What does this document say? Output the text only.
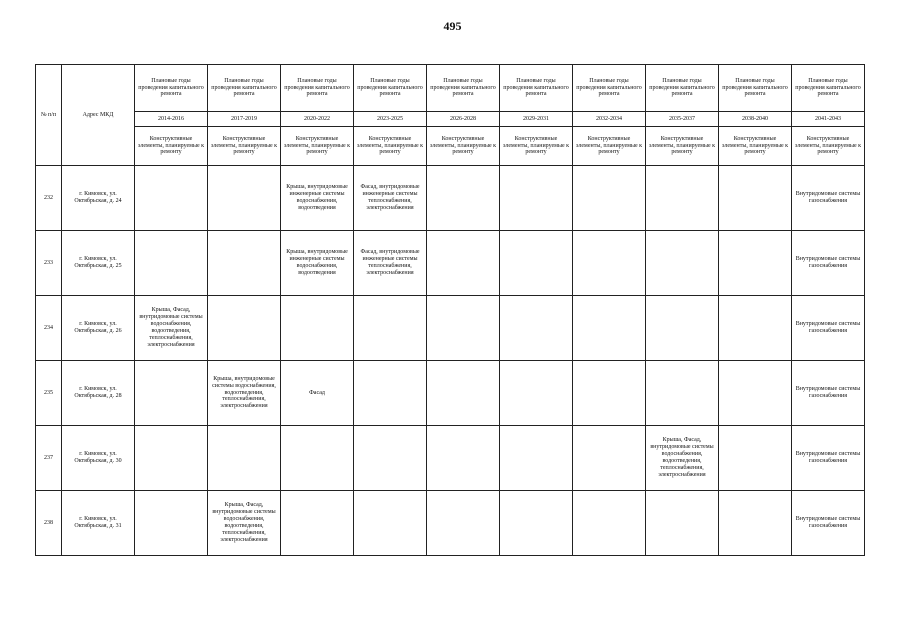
495
№ п/п	Адрес МКД	Плановые годы проведения капитального ремонта	Плановые годы проведения капитального ремонта	Плановые годы проведения капитального ремонта	Плановые годы проведения капитального ремонта	Плановые годы проведения капитального ремонта	Плановые годы проведения капитального ремонта	Плановые годы проведения капитального ремонта	Плановые годы проведения капитального ремонта	Плановые годы проведения капитального ремонта	Плановые годы проведения капитального ремонта
		2014-2016	2017-2019	2020-2022	2023-2025	2026-2028	2029-2031	2032-2034	2035-2037	2038-2040	2041-2043
		Конструктивные элементы, планируемые к ремонту	Конструктивные элементы, планируемые к ремонту	Конструктивные элементы, планируемые к ремонту	Конструктивные элементы, планируемые к ремонту	Конструктивные элементы, планируемые к ремонту	Конструктивные элементы, планируемые к ремонту	Конструктивные элементы, планируемые к ремонту	Конструктивные элементы, планируемые к ремонту	Конструктивные элементы, планируемые к ремонту	Конструктивные элементы, планируемые к ремонту
232	г. Кимовск, ул. Октябрьская, д. 24			Крыша, внутридомовые инженерные системы водоснабжения, водоотведения	Фасад, внутридомовые инженерные системы теплоснабжения, электроснабжения						Внутридомовые системы газоснабжения
233	г. Кимовск, ул. Октябрьская, д. 25			Крыша, внутридомовые инженерные системы водоснабжения, водоотведения	Фасад, внутридомовые инженерные системы теплоснабжения, электроснабжения						Внутридомовые системы газоснабжения
234	г. Кимовск, ул. Октябрьская, д. 26	Крыша, Фасад, внутридомовые системы водоснабжения, водоотведения, теплоснабжения, электроснабжения									Внутридомовые системы газоснабжения
235	г. Кимовск, ул. Октябрьская, д. 28		Крыша, внутридомовые системы водоснабжения, водоотведения, теплоснабжения, электроснабжения	Фасад							Внутридомовые системы газоснабжения
237	г. Кимовск, ул. Октябрьская, д. 30								Крыша, Фасад, внутридомовые системы водоснабжения, водоотведения, теплоснабжения, электроснабжения		Внутридомовые системы газоснабжения
238	г. Кимовск, ул. Октябрьская, д. 31		Крыша, Фасад, внутридомовые системы водоснабжения, водоотведения, теплоснабжения, электроснабжения								Внутридомовые системы газоснабжения
